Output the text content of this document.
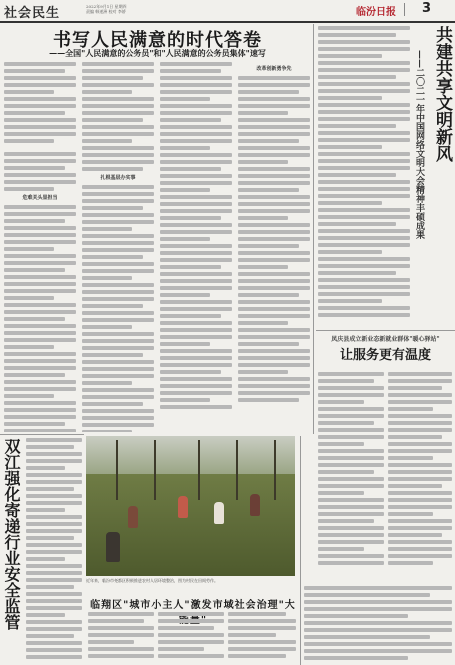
社会民生	2022年9月1日 星期四
责编 韩遂洲 校对 李娇	临汾日报 3
书写人民满意的时代答卷
——全国"人民满意的公务员"和"人民满意的公务员集体"速写
危难关头显担当
扎根基层办实事
改革创新勇争先	共建共享文明新风
——二〇二一年中国网络文明大会精神丰硕成果
凤庆县成立新业态新就业群体"暖心驿站"
让服务更有温度
双江强化寄递行业安全监管	近年来，临汾市尧都区积极推进农村人居环境整治，图为村民在田间劳作。
临翔区"城市小主人"激发市域社会治理"大
